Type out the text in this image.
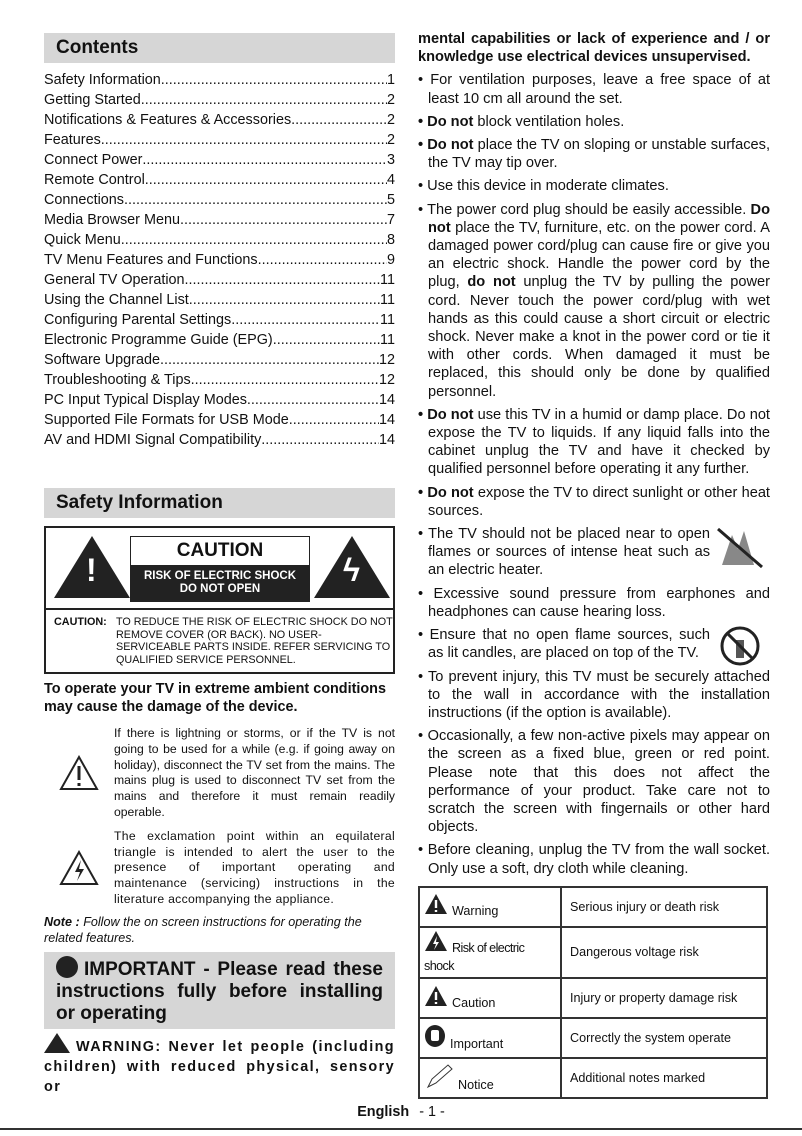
Contents
Safety Information .....	1
Getting Started .....	2
Notifications & Features & Accessories .....	2
Features .....	2
Connect Power .....	3
Remote Control .....	4
Connections .....	5
Media Browser Menu .....	7
Quick Menu .....	8
TV Menu Features and Functions .....	9
General TV Operation .....	11
Using the Channel List .....	11
Configuring Parental Settings .....	11
Electronic Programme Guide (EPG) .....	11
Software Upgrade .....	12
Troubleshooting & Tips .....	12
PC Input Typical Display Modes .....	14
Supported File Formats for USB Mode .....	14
AV and HDMI Signal Compatibility .....	14
Safety Information
!
CAUTION
RISK OF ELECTRIC SHOCK
DO NOT OPEN
ϟ
CAUTION: TO REDUCE THE RISK OF ELECTRIC SHOCK DO NOT REMOVE COVER (OR BACK). NO USER-SERVICEABLE PARTS INSIDE. REFER SERVICING TO QUALIFIED SERVICE PERSONNEL.
To operate your TV in extreme ambient conditions may cause the damage of the device.
If there is lightning or storms, or if the TV is not going to be used for a while (e.g. if going away on holiday), disconnect the TV set from the mains. The mains plug is used to disconnect TV set from the mains and therefore it must remain readily operable.
The exclamation point within an equilateral triangle is intended to alert the user to the presence of important operating and maintenance (servicing) instructions in the literature accompanying the appliance.
Note : Follow the on screen instructions for operating the related features.
IMPORTANT - Please read these instructions fully before installing or operating
WARNING: Never let people (including children) with reduced physical, sensory or

mental capabilities or lack of experience and / or knowledge use electrical devices unsupervised.

• For ventilation purposes, leave a free space of at least 10 cm all around the set.

• Do not block ventilation holes.

• Do not place the TV on sloping or unstable surfaces, the TV may tip over.

• Use this device in moderate climates.

• The power cord plug should be easily accessible. Do not place the TV, furniture, etc. on the power cord. A damaged power cord/plug can cause fire or give you an electric shock. Handle the power cord by the plug, do not unplug the TV by pulling the power cord. Never touch the power cord/plug with wet hands as this could cause a short circuit or electric shock. Never make a knot in the power cord or tie it with other cords. When damaged it must be replaced, this should only be done by qualified personnel.

• Do not use this TV in a humid or damp place. Do not expose the TV to liquids. If any liquid falls into the cabinet unplug the TV and have it checked by qualified personnel before operating it any further.

• Do not expose the TV to direct sunlight or other heat sources.

• The TV should not be placed near to open flames or sources of intense heat such as an electric heater.

• Excessive sound pressure from earphones and headphones can cause hearing loss.

• Ensure that no open flame sources, such as lit candles, are placed on top of the TV.

• To prevent injury, this TV must be securely attached to the wall in accordance with the installation instructions (if the option is available).

• Occasionally, a few non-active pixels may appear on the screen as a fixed blue, green or red point. Please note that this does not affect the performance of your product. Take care not to scratch the screen with fingernails or other hard objects.

• Before cleaning, unplug the TV from the wall socket. Only use a soft, dry cloth while cleaning.

Warning	Serious injury or death risk
Risk of electric shock	Dangerous voltage risk
Caution	Injury or property damage risk
Important	Correctly the system operate
Notice	Additional notes marked
English - 1 -
